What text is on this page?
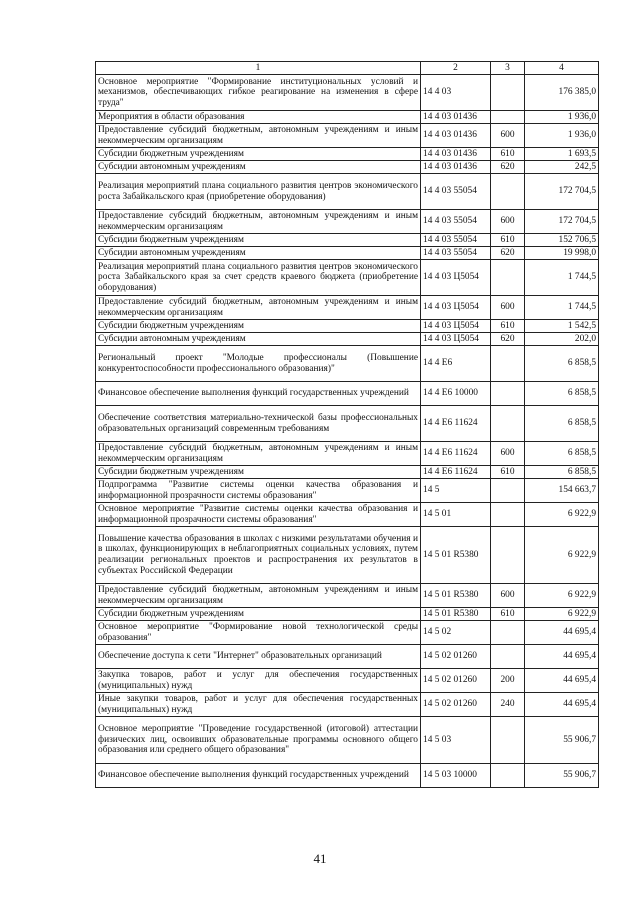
1	2	3	4
Основное мероприятие "Формирование институциональных условий и механизмов, обеспечивающих гибкое реагирование на изменения в сфере труда"	14 4 03		176 385,0
Мероприятия в области образования	14 4 03 01436		1 936,0
Предоставление субсидий бюджетным, автономным учреждениям и иным некоммерческим организациям	14 4 03 01436	600	1 936,0
Субсидии бюджетным учреждениям	14 4 03 01436	610	1 693,5
Субсидии автономным учреждениям	14 4 03 01436	620	242,5
Реализация мероприятий плана социального развития центров экономического роста Забайкальского края (приобретение оборудования)	14 4 03 55054		172 704,5
Предоставление субсидий бюджетным, автономным учреждениям и иным некоммерческим организациям	14 4 03 55054	600	172 704,5
Субсидии бюджетным учреждениям	14 4 03 55054	610	152 706,5
Субсидии автономным учреждениям	14 4 03 55054	620	19 998,0
Реализация мероприятий плана социального развития центров экономического роста Забайкальского края за счет средств краевого бюджета (приобретение оборудования)	14 4 03 Ц5054		1 744,5
Предоставление субсидий бюджетным, автономным учреждениям и иным некоммерческим организациям	14 4 03 Ц5054	600	1 744,5
Субсидии бюджетным учреждениям	14 4 03 Ц5054	610	1 542,5
Субсидии автономным учреждениям	14 4 03 Ц5054	620	202,0
Региональный проект "Молодые профессионалы (Повышение конкурентоспособности профессионального образования)"	14 4 Е6		6 858,5
Финансовое обеспечение выполнения функций государственных учреждений	14 4 Е6 10000		6 858,5
Обеспечение соответствия материально-технической базы профессиональных образовательных организаций современным требованиям	14 4 Е6 11624		6 858,5
Предоставление субсидий бюджетным, автономным учреждениям и иным некоммерческим организациям	14 4 Е6 11624	600	6 858,5
Субсидии бюджетным учреждениям	14 4 Е6 11624	610	6 858,5
Подпрограмма "Развитие системы оценки качества образования и информационной прозрачности системы образования"	14 5		154 663,7
Основное мероприятие "Развитие системы оценки качества образования и информационной прозрачности системы образования"	14 5 01		6 922,9
Повышение качества образования в школах с низкими результатами обучения и в школах, функционирующих в неблагоприятных социальных условиях, путем реализации региональных проектов и распространения их результатов в субъектах Российской Федерации	14 5 01 R5380		6 922,9
Предоставление субсидий бюджетным, автономным учреждениям и иным некоммерческим организациям	14 5 01 R5380	600	6 922,9
Субсидии бюджетным учреждениям	14 5 01 R5380	610	6 922,9
Основное мероприятие "Формирование новой технологической среды образования"	14 5 02		44 695,4
Обеспечение доступа к сети "Интернет" образовательных организаций	14 5 02 01260		44 695,4
Закупка товаров, работ и услуг для обеспечения государственных (муниципальных) нужд	14 5 02 01260	200	44 695,4
Иные закупки товаров, работ и услуг для обеспечения государственных (муниципальных) нужд	14 5 02 01260	240	44 695,4
Основное мероприятие "Проведение государственной (итоговой) аттестации физических лиц, освоивших образовательные программы основного общего образования или среднего общего образования"	14 5 03		55 906,7
Финансовое обеспечение выполнения функций государственных учреждений	14 5 03 10000		55 906,7
41
